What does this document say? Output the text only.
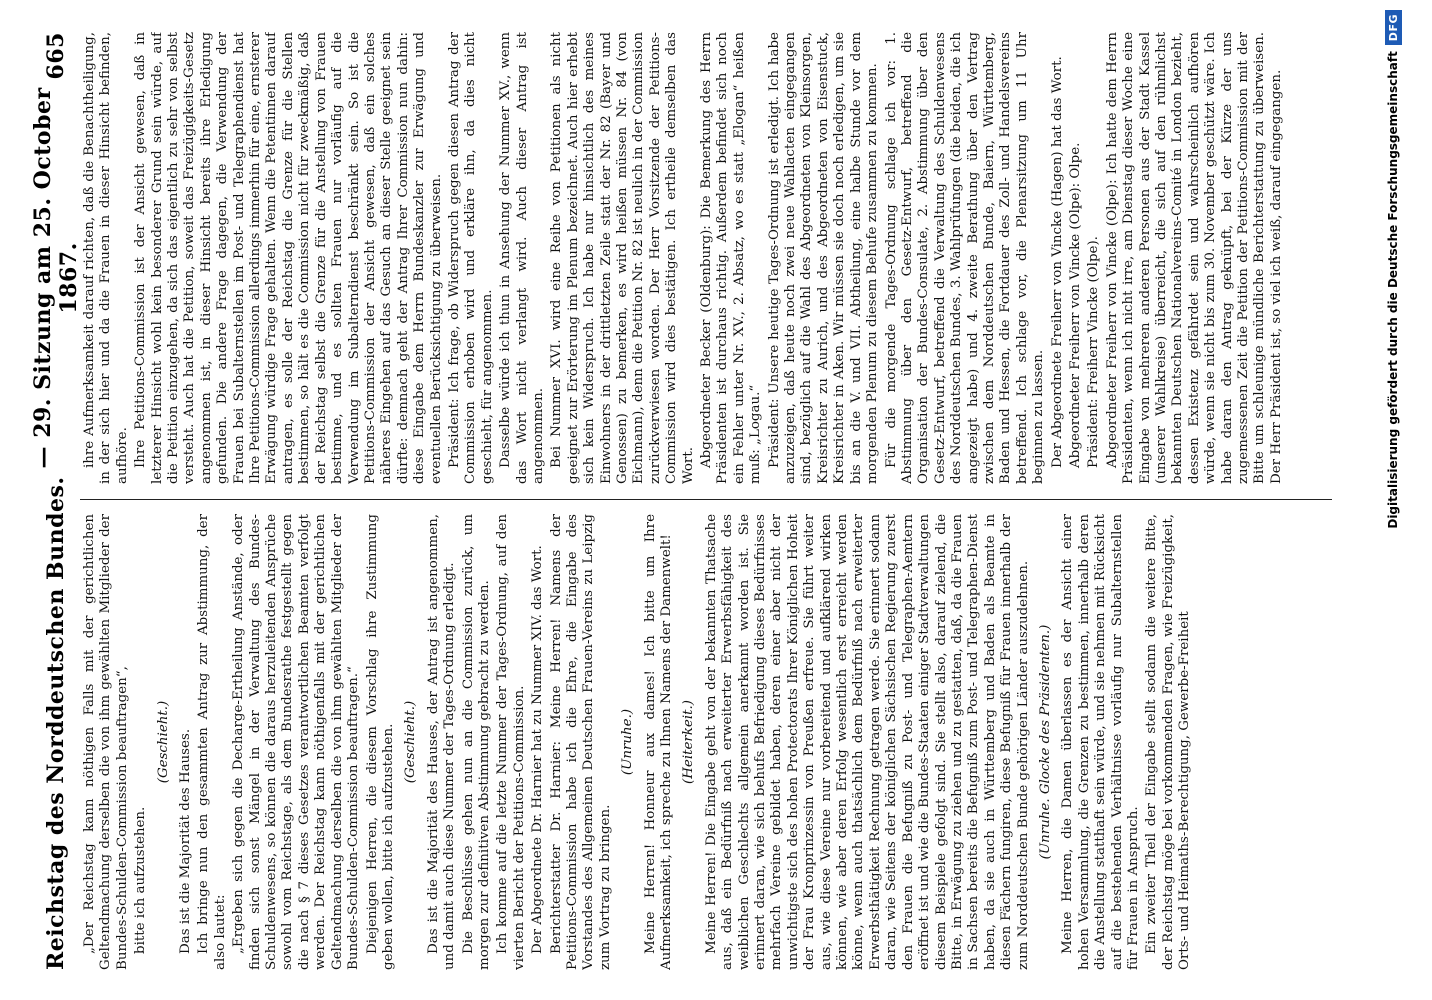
Reichstag des Norddeutschen Bundes.
— 29. Sitzung am 25. October 1867.
665

„Der Reichstag kann nöthigen Falls mit der gerichtlichen Geltendmachung derselben die von ihm gewählten Mitglieder der Bundes-Schulden-Commission beauftragen“, bitte ich aufzustehen.

(Geschieht.) Das ist die Majorität des Hauses. Ich bringe nun den gesammten Antrag zur Abstimmung, der also lautet: „Ergeben sich gegen die Decharge-Ertheilung Anstände, oder finden sich sonst Mängel in der Verwaltung des Bundes-Schuldenwesens, so können die daraus herzuleitenden Ansprüche sowohl vom Reichstage, als dem Bundesrathe festgestellt gegen die nach § 7 dieses Gesetzes verantwortlichen Beamten verfolgt werden. Der Reichstag kann nöthigenfalls mit der gerichtlichen Geltendmachung derselben die von ihm gewählten Mitglieder der Bundes-Schulden-Commission beauftragen.“ Diejenigen Herren, die diesem Vorschlag ihre Zustimmung geben wollen, bitte ich aufzustehen. (Geschieht.) Das ist die Majorität des Hauses, der Antrag ist angenommen, und damit auch diese Nummer der Tages-Ordnung erledigt. Die Beschlüsse gehen nun an die Commission zurück, um morgen zur definitiven Abstimmung gebracht zu werden. Ich komme auf die letzte Nummer der Tages-Ordnung, auf den vierten Bericht der Petitions-Commission. Der Abgeordnete Dr. Harnier hat zu Nummer XIV. das Wort. Berichterstatter Dr. Harnier: Meine Herren! Namens der Petitions-Commission habe ich die Ehre, die Eingabe des Vorstandes des Allgemeinen Deutschen Frauen-Vereins zu Leipzig zum Vortrag zu bringen.

(Unruhe.) Meine Herren! Honneur aux dames! Ich bitte um Ihre Aufmerksamkeit, ich spreche zu Ihnen Namens der Damenwelt! (Heiterkeit.) Meine Herren! Die Eingabe geht von der bekannten Thatsache aus, daß ein Bedürfniß nach erweiterter Erwerbsfähigkeit des weiblichen Geschlechts allgemein anerkannt worden ist. Sie erinnert daran, wie sich behufs Befriedigung dieses Bedürfnisses mehrfach Vereine gebildet haben, deren einer aber nicht der unwichtigste sich des hohen Protectorats Ihrer Königlichen Hoheit der Frau Kronprinzessin von Preußen erfreue. Sie führt weiter aus, wie diese Vereine nur vorbereitend und aufklärend wirken können, wie aber deren Erfolg wesentlich erst erreicht werden könne, wenn auch thatsächlich dem Bedürfniß nach erweiterter Erwerbsthätigkeit Rechnung getragen werde. Sie erinnert sodann daran, wie Seitens der königlichen Sächsischen Regierung zuerst den Frauen die Befugniß zu Post- und Telegraphen-Aemtern eröffnet ist und wie die Bundes-Staaten einiger Stadtverwaltungen diesem Beispiele gefolgt sind. Sie stellt also, darauf zielend, die Bitte, in Erwägung zu ziehen und zu gestatten, daß, da die Frauen in Sachsen bereits die Befugniß zum Post- und Telegraphen-Dienst haben, da sie auch in Württemberg und Baden als Beamte in diesen Fächern fungiren, diese Befugniß für Frauen innerhalb der zum Norddeutschen Bunde gehörigen Länder auszudehnen. (Unruhe. Glocke des Präsidenten.) Meine Herren, die Damen überlassen es der Ansicht einer hohen Versammlung, die Grenzen zu bestimmen, innerhalb deren die Anstellung statthaft sein würde, und sie nehmen mit Rücksicht auf die bestehenden Verhältnisse vorläufig nur Subalternstellen für Frauen in Anspruch. Ein zweiter Theil der Eingabe stellt sodann die weitere Bitte, der Reichstag möge bei vorkommenden Fragen, wie Freizügigkeit, Orts- und Heimaths-Berechtigung, Gewerbe-Freiheit

ihre Aufmerksamkeit darauf richten, daß die Benachtheiligung, in der sich hier und da die Frauen in dieser Hinsicht befinden, aufhöre. Ihre Petitions-Commission ist der Ansicht gewesen, daß in letzterer Hinsicht wohl kein besonderer Grund sein würde, auf die Petition einzugehen, da sich das eigentlich zu sehr von selbst versteht. Auch hat die Petition, soweit das Freizügigkeits-Gesetz angenommen ist, in dieser Hinsicht bereits ihre Erledigung gefunden. Die andere Frage dagegen, die Verwendung der Frauen bei Subalternstellen im Post- und Telegraphendienst hat Ihre Petitions-Commission allerdings immerhin für eine, ernsterer Erwägung würdige Frage gehalten. Wenn die Petentinnen darauf antragen, es solle der Reichstag die Grenze für die Stellen bestimmen, so hält es die Commission nicht für zweckmäßig, daß der Reichstag selbst die Grenze für die Anstellung von Frauen bestimme, und es sollten Frauen nur vorläufig auf die Verwendung im Subalterndienst beschränkt sein. So ist die Petitions-Commission der Ansicht gewesen, daß ein solches näheres Eingehen auf das Gesuch an dieser Stelle geeignet sein dürfte: demnach geht der Antrag Ihrer Commission nun dahin: diese Eingabe dem Herrn Bundeskanzler zur Erwägung und eventuellen Berücksichtigung zu überweisen. Präsident: Ich frage, ob Widerspruch gegen diesen Antrag der Commission erhoben wird und erkläre ihn, da dies nicht geschieht, für angenommen. Dasselbe würde ich thun in Ansehung der Nummer XV., wenn das Wort nicht verlangt wird. Auch dieser Antrag ist angenommen. Bei Nummer XVI. wird eine Reihe von Petitionen als nicht geeignet zur Erörterung im Plenum bezeichnet. Auch hier erhebt sich kein Widerspruch. Ich habe nur hinsichtlich des meines Einwohners in der drittletzten Zeile statt der Nr. 82 (Bayer und Genossen) zu bemerken, es wird heißen müssen Nr. 84 (von Eichmann), denn die Petition Nr. 82 ist neulich in der Commission zurückverwiesen worden. Der Herr Vorsitzende der Petitions-Commission wird dies bestätigen. Ich ertheile demselben das Wort. Abgeordneter Becker (Oldenburg): Die Bemerkung des Herrn Präsidenten ist durchaus richtig. Außerdem befindet sich noch ein Fehler unter Nr. XV., 2. Absatz, wo es statt „Elogan“ heißen muß: „Logau.“ Präsident: Unsere heutige Tages-Ordnung ist erledigt. Ich habe anzuzeigen, daß heute noch zwei neue Wahlacten eingegangen sind, bezüglich auf die Wahl des Abgeordneten von Kleinsorgen, Kreisrichter zu Aurich, und des Abgeordneten von Eisenstuck, Kreisrichter in Aken. Wir müssen sie doch noch erledigen, um sie bis an die V. und VII. Abtheilung, eine halbe Stunde vor dem morgenden Plenum zu diesem Behufe zusammen zu kommen. Für die morgende Tages-Ordnung schlage ich vor: 1. Abstimmung über den Gesetz-Entwurf, betreffend die Organisation der Bundes-Consulate, 2. Abstimmung über den Gesetz-Entwurf, betreffend die Verwaltung des Schuldenwesens des Norddeutschen Bundes, 3. Wahlprüfungen (die beiden, die ich angezeigt habe) und 4. zweite Berathung über den Vertrag zwischen dem Norddeutschen Bunde, Baiern, Württemberg, Baden und Hessen, die Fortdauer des Zoll- und Handelsvereins betreffend. Ich schlage vor, die Plenarsitzung um 11 Uhr beginnen zu lassen. Der Abgeordnete Freiherr von Vincke (Hagen) hat das Wort. Abgeordneter Freiherr von Vincke (Olpe): Olpe. Präsident: Freiherr Vincke (Olpe). Abgeordneter Freiherr von Vincke (Olpe): Ich hatte dem Herrn Präsidenten, wenn ich nicht irre, am Dienstag dieser Woche eine Eingabe von mehreren anderen Personen aus der Stadt Kassel (unserer Wahlkreise) überreicht, die sich auf den rühmlichst bekannten Deutschen Nationalvereins-Comité in London bezieht, dessen Existenz gefährdet sein und wahrscheinlich aufhören würde, wenn sie nicht bis zum 30. November geschützt wäre. Ich habe daran den Antrag geknüpft, bei der Kürze der uns zugemessenen Zeit die Petition der Petitions-Commission mit der Bitte um schleunige mündliche Berichterstattung zu überweisen. Der Herr Präsident ist, so viel ich weiß, darauf eingegangen.	Digitalisierung gefördert durch die Deutsche Forschungsgemeinschaft
DFG
